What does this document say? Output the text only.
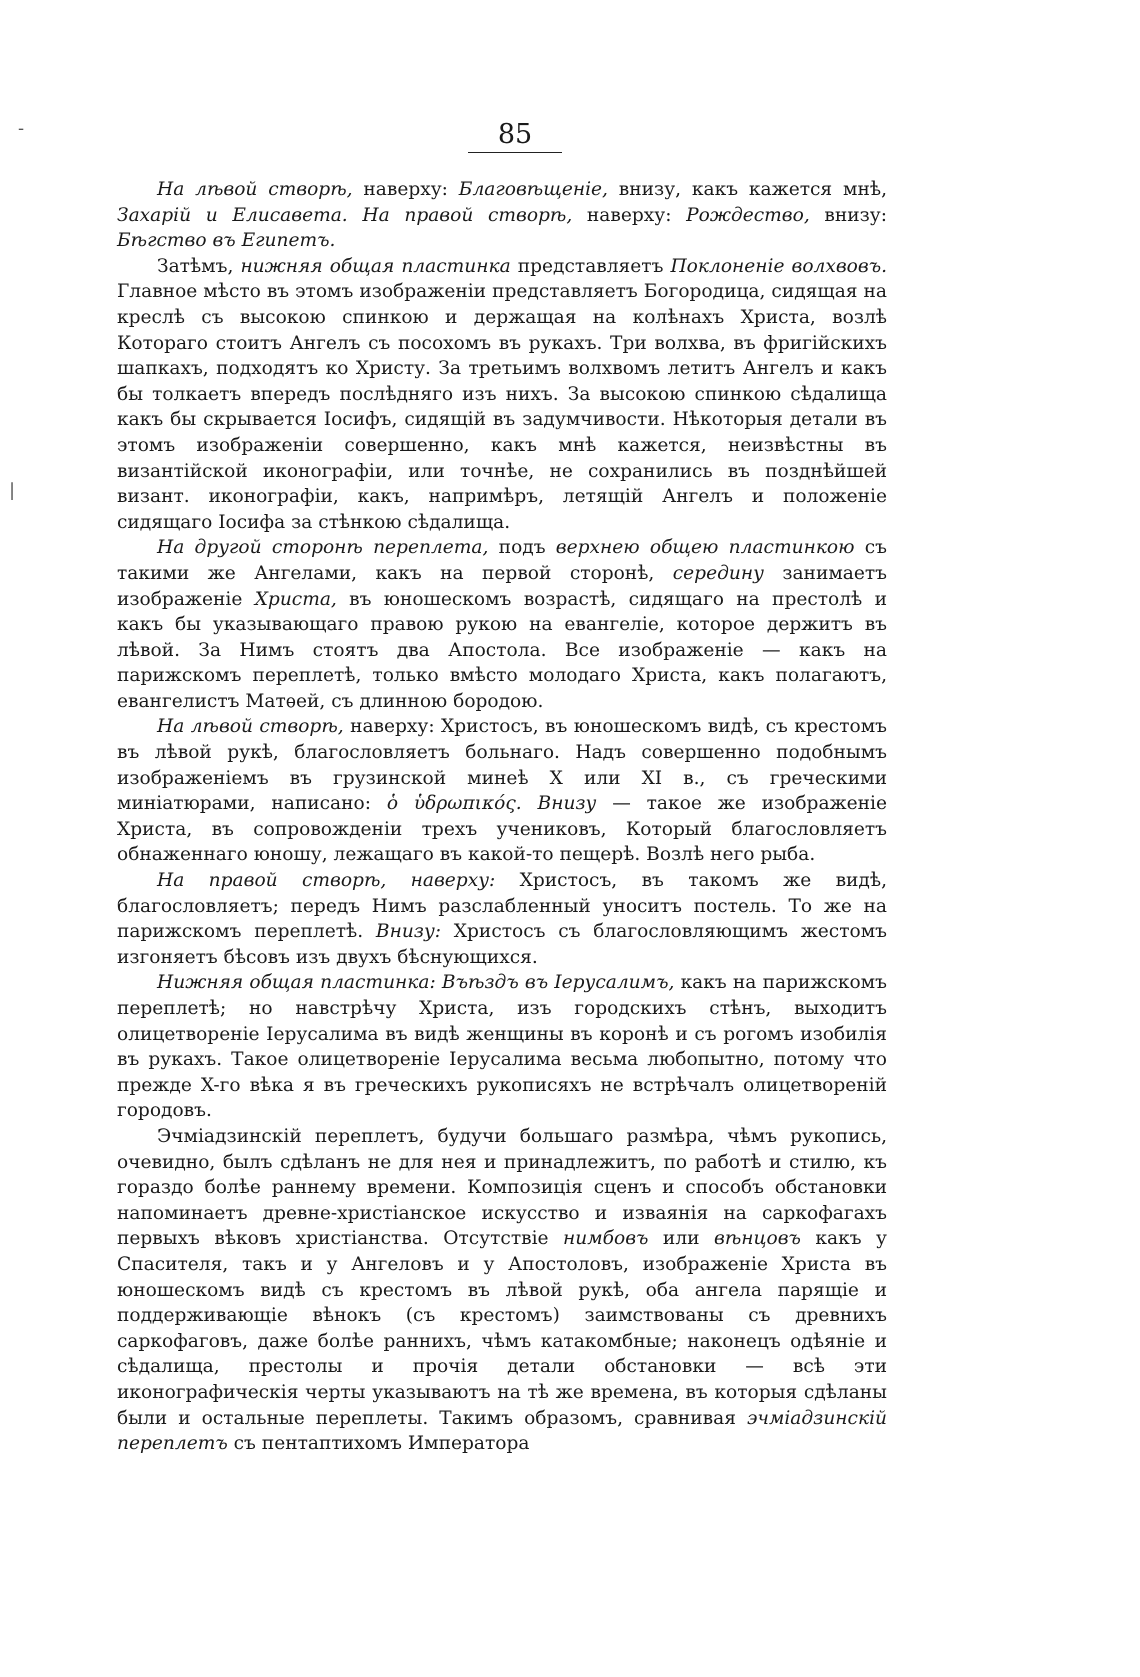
-
|
85

На лѣвой створѣ, наверху: Благовѣщеніе, внизу, какъ кажется мнѣ, Захарій и Елисавета. На правой створѣ, наверху: Рождество, внизу: Бѣгство въ Египетъ.

Затѣмъ, нижняя общая пластинка представляетъ Поклоненіе волхвовъ. Главное мѣсто въ этомъ изображеніи представляетъ Богородица, сидящая на креслѣ съ высокою спинкою и держащая на колѣнахъ Христа, возлѣ Котораго стоитъ Ангелъ съ посохомъ въ рукахъ. Три волхва, въ фригійскихъ шапкахъ, подходятъ ко Христу. За третьимъ волхвомъ летитъ Ангелъ и какъ бы толкаетъ впередъ послѣдняго изъ нихъ. За высокою спинкою сѣдалища какъ бы скрывается Іосифъ, сидящій въ задумчивости. Нѣкоторыя детали въ этомъ изображеніи совершенно, какъ мнѣ кажется, неизвѣстны въ византійской иконографіи, или точнѣе, не сохранились въ позднѣйшей визант. иконографіи, какъ, напримѣръ, летящій Ангелъ и положеніе сидящаго Іосифа за стѣнкою сѣдалища.

На другой сторонѣ переплета, подъ верхнею общею пластинкою съ такими же Ангелами, какъ на первой сторонѣ, середину занимаетъ изображеніе Христа, въ юношескомъ возрастѣ, сидящаго на престолѣ и какъ бы указывающаго правою рукою на евангеліе, которое держитъ въ лѣвой. За Нимъ стоятъ два Апостола. Все изображеніе — какъ на парижскомъ переплетѣ, только вмѣсто молодаго Христа, какъ полагаютъ, евангелистъ Матѳей, съ длинною бородою.

На лѣвой створѣ, наверху: Христосъ, въ юношескомъ видѣ, съ крестомъ въ лѣвой рукѣ, благословляетъ больнаго. Надъ совершенно подобнымъ изображеніемъ въ грузинской минеѣ X или XI в., съ греческими миніатюрами, написано: ὁ ὑδρωπικός. Внизу — такое же изображеніе Христа, въ сопровожденіи трехъ учениковъ, Который благословляетъ обнаженнаго юношу, лежащаго въ какой-то пещерѣ. Возлѣ него рыба.

На правой створѣ, наверху: Христосъ, въ такомъ же видѣ, благословляетъ; передъ Нимъ разслабленный уноситъ постель. То же на парижскомъ переплетѣ. Внизу: Христосъ съ благословляющимъ жестомъ изгоняетъ бѣсовъ изъ двухъ бѣснующихся.

Нижняя общая пластинка: Въѣздъ въ Іерусалимъ, какъ на парижскомъ переплетѣ; но навстрѣчу Христа, изъ городскихъ стѣнъ, выходитъ олицетвореніе Іерусалима въ видѣ женщины въ коронѣ и съ рогомъ изобилія въ рукахъ. Такое олицетвореніе Іерусалима весьма любопытно, потому что прежде X-го вѣка я въ греческихъ рукописяхъ не встрѣчалъ олицетвореній городовъ.

Эчміадзинскій переплетъ, будучи большаго размѣра, чѣмъ рукопись, очевидно, былъ сдѣланъ не для нея и принадлежитъ, по работѣ и стилю, къ гораздо болѣе раннему времени. Композиція сценъ и способъ обстановки напоминаетъ древне-христіанское искусство и изваянія на саркофагахъ первыхъ вѣковъ христіанства. Отсутствіе нимбовъ или вѣнцовъ какъ у Спасителя, такъ и у Ангеловъ и у Апостоловъ, изображеніе Христа въ юношескомъ видѣ съ крестомъ въ лѣвой рукѣ, оба ангела парящіе и поддерживающіе вѣнокъ (съ крестомъ) заимствованы съ древнихъ саркофаговъ, даже болѣе раннихъ, чѣмъ катакомбные; наконецъ одѣяніе и сѣдалища, престолы и прочія детали обстановки — всѣ эти иконографическія черты указываютъ на тѣ же времена, въ которыя сдѣланы были и остальные переплеты. Такимъ образомъ, сравнивая эчміадзинскій переплетъ съ пентаптихомъ Императора
